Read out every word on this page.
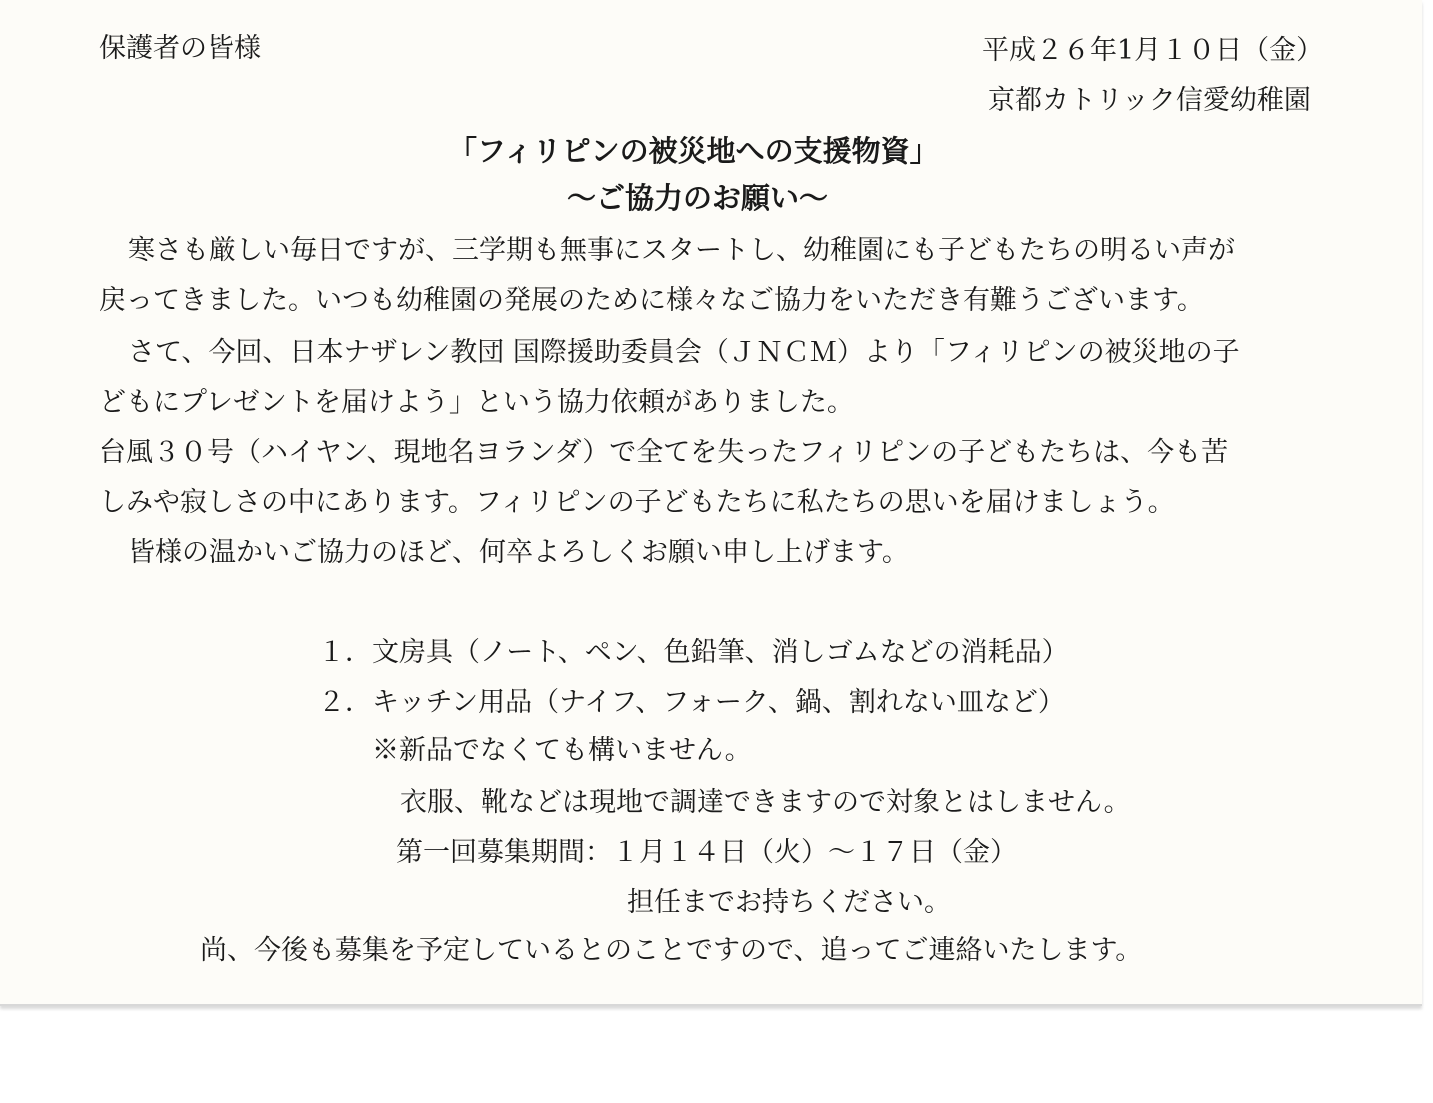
保護者の皆様	平成２６年1月１０日（金）
京都カトリック信愛幼稚園
「フィリピンの被災地への支援物資」
～ご協力のお願い～
寒さも厳しい毎日ですが、三学期も無事にスタートし、幼稚園にも子どもたちの明るい声が
戻ってきました。いつも幼稚園の発展のために様々なご協力をいただき有難うございます。
さて、今回、日本ナザレン教団 国際援助委員会（ＪＮＣＭ）より「フィリピンの被災地の子
どもにプレゼントを届けよう」という協力依頼がありました。
台風３０号（ハイヤン、現地名ヨランダ）で全てを失ったフィリピンの子どもたちは、今も苦
しみや寂しさの中にあります。フィリピンの子どもたちに私たちの思いを届けましょう。
皆様の温かいご協力のほど、何卒よろしくお願い申し上げます。
１．文房具（ノート、ペン、色鉛筆、消しゴムなどの消耗品）
２．キッチン用品（ナイフ、フォーク、鍋、割れない皿など）
※新品でなくても構いません。
衣服、靴などは現地で調達できますので対象とはしません。
第一回募集期間：１月１４日（火）～１７日（金）
担任までお持ちください。
尚、今後も募集を予定しているとのことですので、追ってご連絡いたします。
